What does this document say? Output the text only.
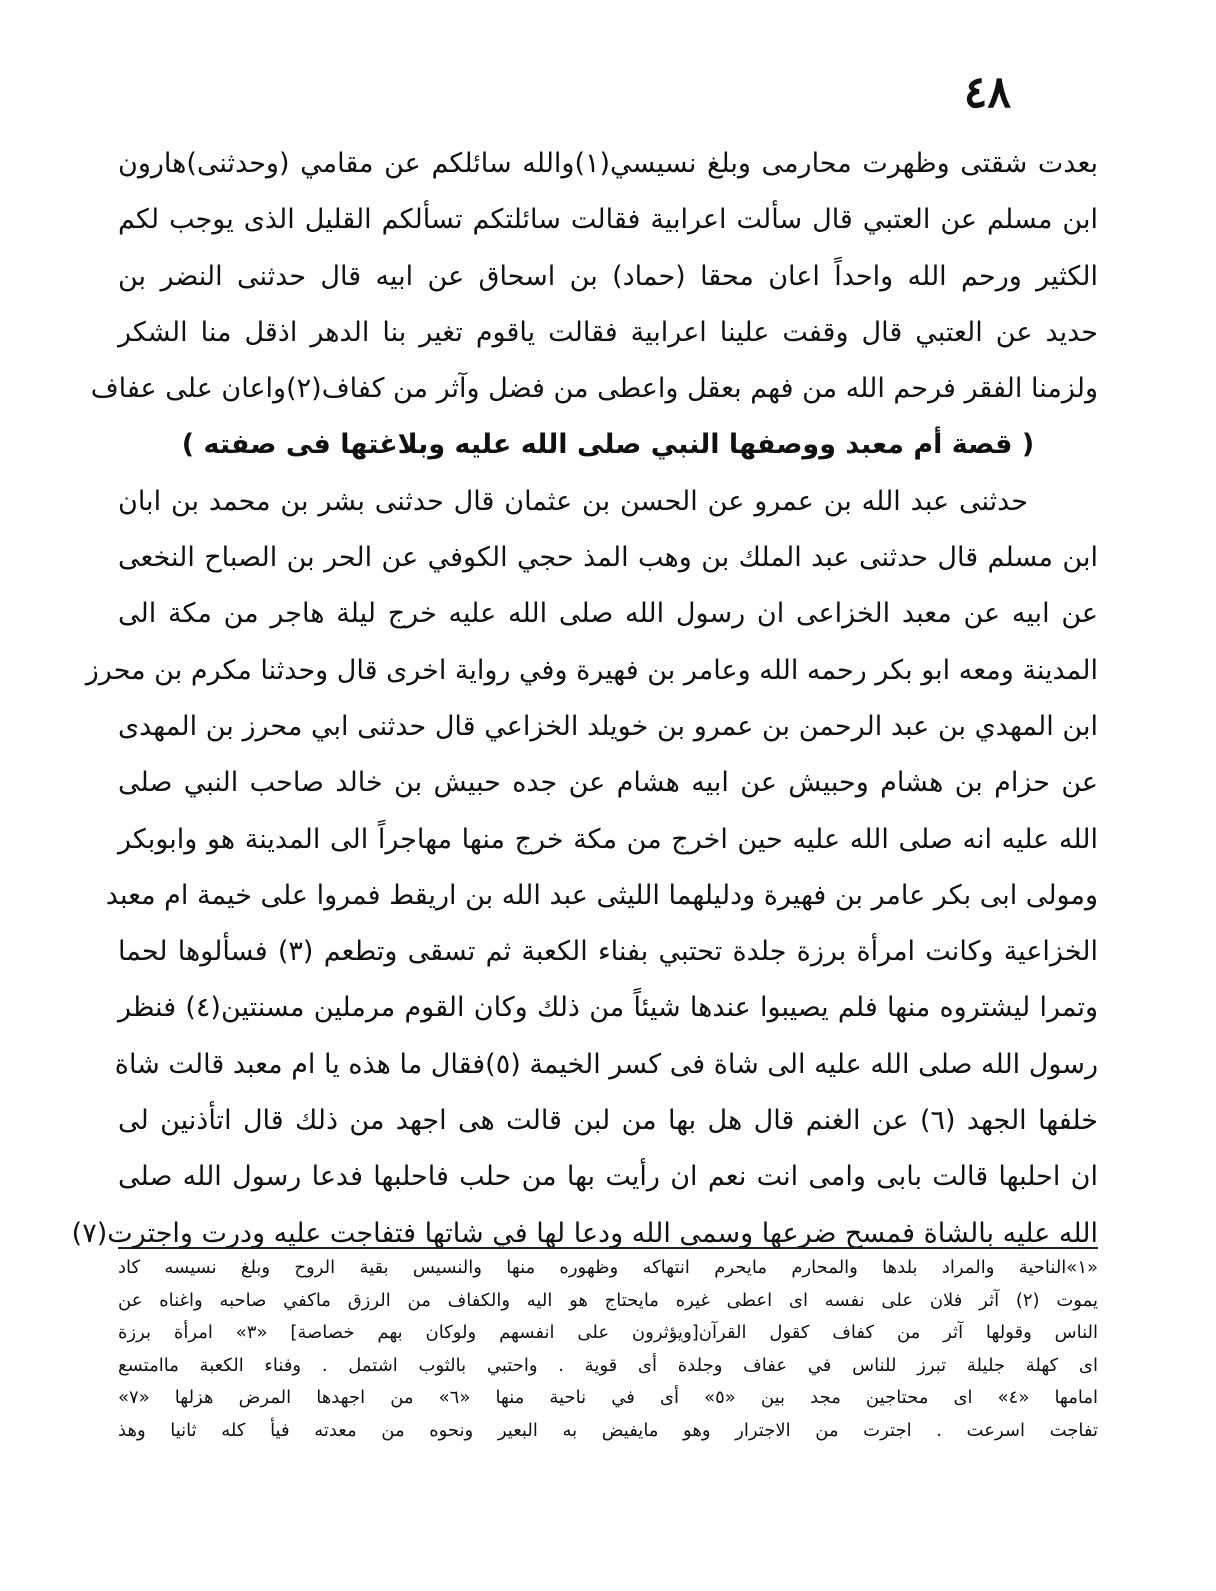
٤٨
بعدت شقتى وظهرت محارمى وبلغ نسيسي(١)والله سائلكم عن مقامي (وحدثنى)هارون
ابن مسلم عن العتبي قال سألت اعرابية فقالت سائلتكم تسألكم القليل الذى يوجب لكم
الكثير ورحم الله واحداً اعان محقا (حماد) بن اسحاق عن ابيه قال حدثنى النضر بن
حديد عن العتبي قال وقفت علينا اعرابية فقالت ياقوم تغير بنا الدهر اذقل منا الشكر
ولزمنا الفقر فرحم الله من فهم بعقل واعطى من فضل وآثر من كفاف(٢)واعان على عفاف
( قصة أم معبد ووصفها النبي صلى الله عليه وبلاغتها فى صفته )
حدثنى عبد الله بن عمرو عن الحسن بن عثمان قال حدثنى بشر بن محمد بن ابان
ابن مسلم قال حدثنى عبد الملك بن وهب المذ حجي الكوفي عن الحر بن الصباح النخعى
عن ابيه عن معبد الخزاعى ان رسول الله صلى الله عليه خرج ليلة هاجر من مكة الى
المدينة ومعه ابو بكر رحمه الله وعامر بن فهيرة وفي رواية اخرى قال وحدثنا مكرم بن محرز
ابن المهدي بن عبد الرحمن بن عمرو بن خويلد الخزاعي قال حدثنى ابي محرز بن المهدى
عن حزام بن هشام وحبيش عن ابيه هشام عن جده حبيش بن خالد صاحب النبي صلى
الله عليه انه صلى الله عليه حين اخرج من مكة خرج منها مهاجراً الى المدينة هو وابوبكر
ومولى ابى بكر عامر بن فهيرة ودليلهما الليثى عبد الله بن اريقط فمروا على خيمة ام معبد
الخزاعية وكانت امرأة برزة جلدة تحتبي بفناء الكعبة ثم تسقى وتطعم (٣) فسألوها لحما
وتمرا ليشتروه منها فلم يصيبوا عندها شيئاً من ذلك وكان القوم مرملين مسنتين(٤) فنظر
رسول الله صلى الله عليه الى شاة فى كسر الخيمة (٥)فقال ما هذه يا ام معبد قالت شاة
خلفها الجهد (٦) عن الغنم قال هل بها من لبن قالت هى اجهد من ذلك قال اتأذنين لى
ان احلبها قالت بابى وامى انت نعم ان رأيت بها من حلب فاحلبها فدعا رسول الله صلى
الله عليه بالشاة فمسح ضرعها وسمى الله ودعا لها في شاتها فتفاجت عليه ودرت واجترت(٧)
«١»الناحية والمراد بلدها والمحارم مايحرم انتهاكه وظهوره منها والنسيس بقية الروح وبلغ نسيسه كاد
يموت (٢) آثر فلان على نفسه اى اعطى غيره مايحتاج هو اليه والكفاف من الرزق ماكفي صاحبه واغناه عن
الناس وقولها آثر من كفاف كقول القرآن[ويؤثرون على انفسهم ولوكان بهم خصاصة] «٣» امرأة برزة
اى كهلة جليلة تبرز للناس في عفاف وجلدة أى قوية . واحتبي بالثوب اشتمل . وفناء الكعبة ماامتسع
امامها «٤» اى محتاجين مجد بين «٥» أى في ناحية منها «٦» من اجهدها المرض هزلها «٧»
تفاجت اسرعت . اجترت من الاجترار وهو مايفيض به البعير ونحوه من معدته فيأ كله ثانيا وهذ
